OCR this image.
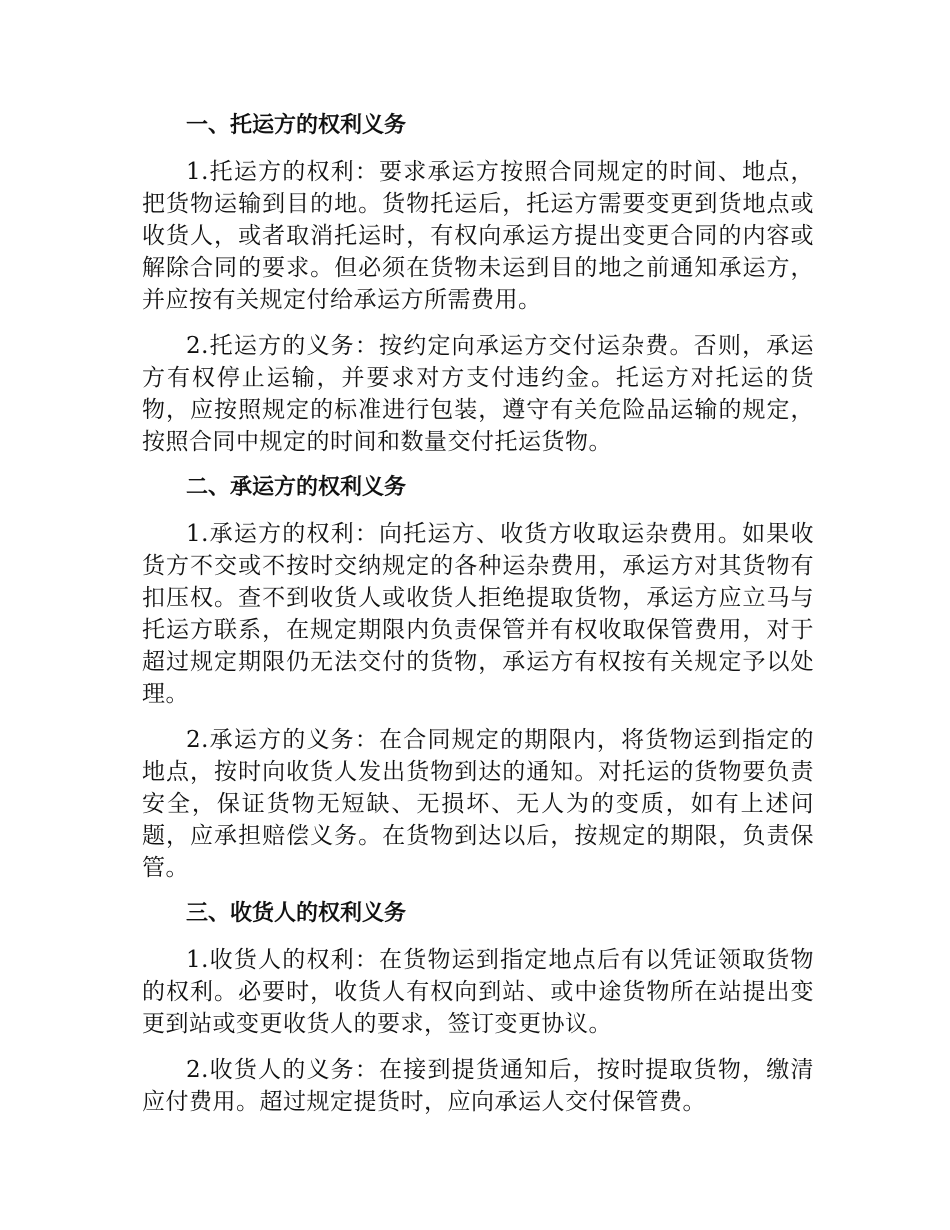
一、托运方的权利义务

1.托运方的权利：要求承运方按照合同规定的时间、地点，把货物运输到目的地。货物托运后，托运方需要变更到货地点或收货人，或者取消托运时，有权向承运方提出变更合同的内容或解除合同的要求。但必须在货物未运到目的地之前通知承运方，并应按有关规定付给承运方所需费用。

2.托运方的义务：按约定向承运方交付运杂费。否则，承运方有权停止运输，并要求对方支付违约金。托运方对托运的货物，应按照规定的标准进行包装，遵守有关危险品运输的规定，按照合同中规定的时间和数量交付托运货物。

二、承运方的权利义务

1.承运方的权利：向托运方、收货方收取运杂费用。如果收货方不交或不按时交纳规定的各种运杂费用，承运方对其货物有扣压权。查不到收货人或收货人拒绝提取货物，承运方应立马与托运方联系，在规定期限内负责保管并有权收取保管费用，对于超过规定期限仍无法交付的货物，承运方有权按有关规定予以处理。

2.承运方的义务：在合同规定的期限内，将货物运到指定的地点，按时向收货人发出货物到达的通知。对托运的货物要负责安全，保证货物无短缺、无损坏、无人为的变质，如有上述问题，应承担赔偿义务。在货物到达以后，按规定的期限，负责保管。

三、收货人的权利义务

1.收货人的权利：在货物运到指定地点后有以凭证领取货物的权利。必要时，收货人有权向到站、或中途货物所在站提出变更到站或变更收货人的要求，签订变更协议。

2.收货人的义务：在接到提货通知后，按时提取货物，缴清应付费用。超过规定提货时，应向承运人交付保管费。
